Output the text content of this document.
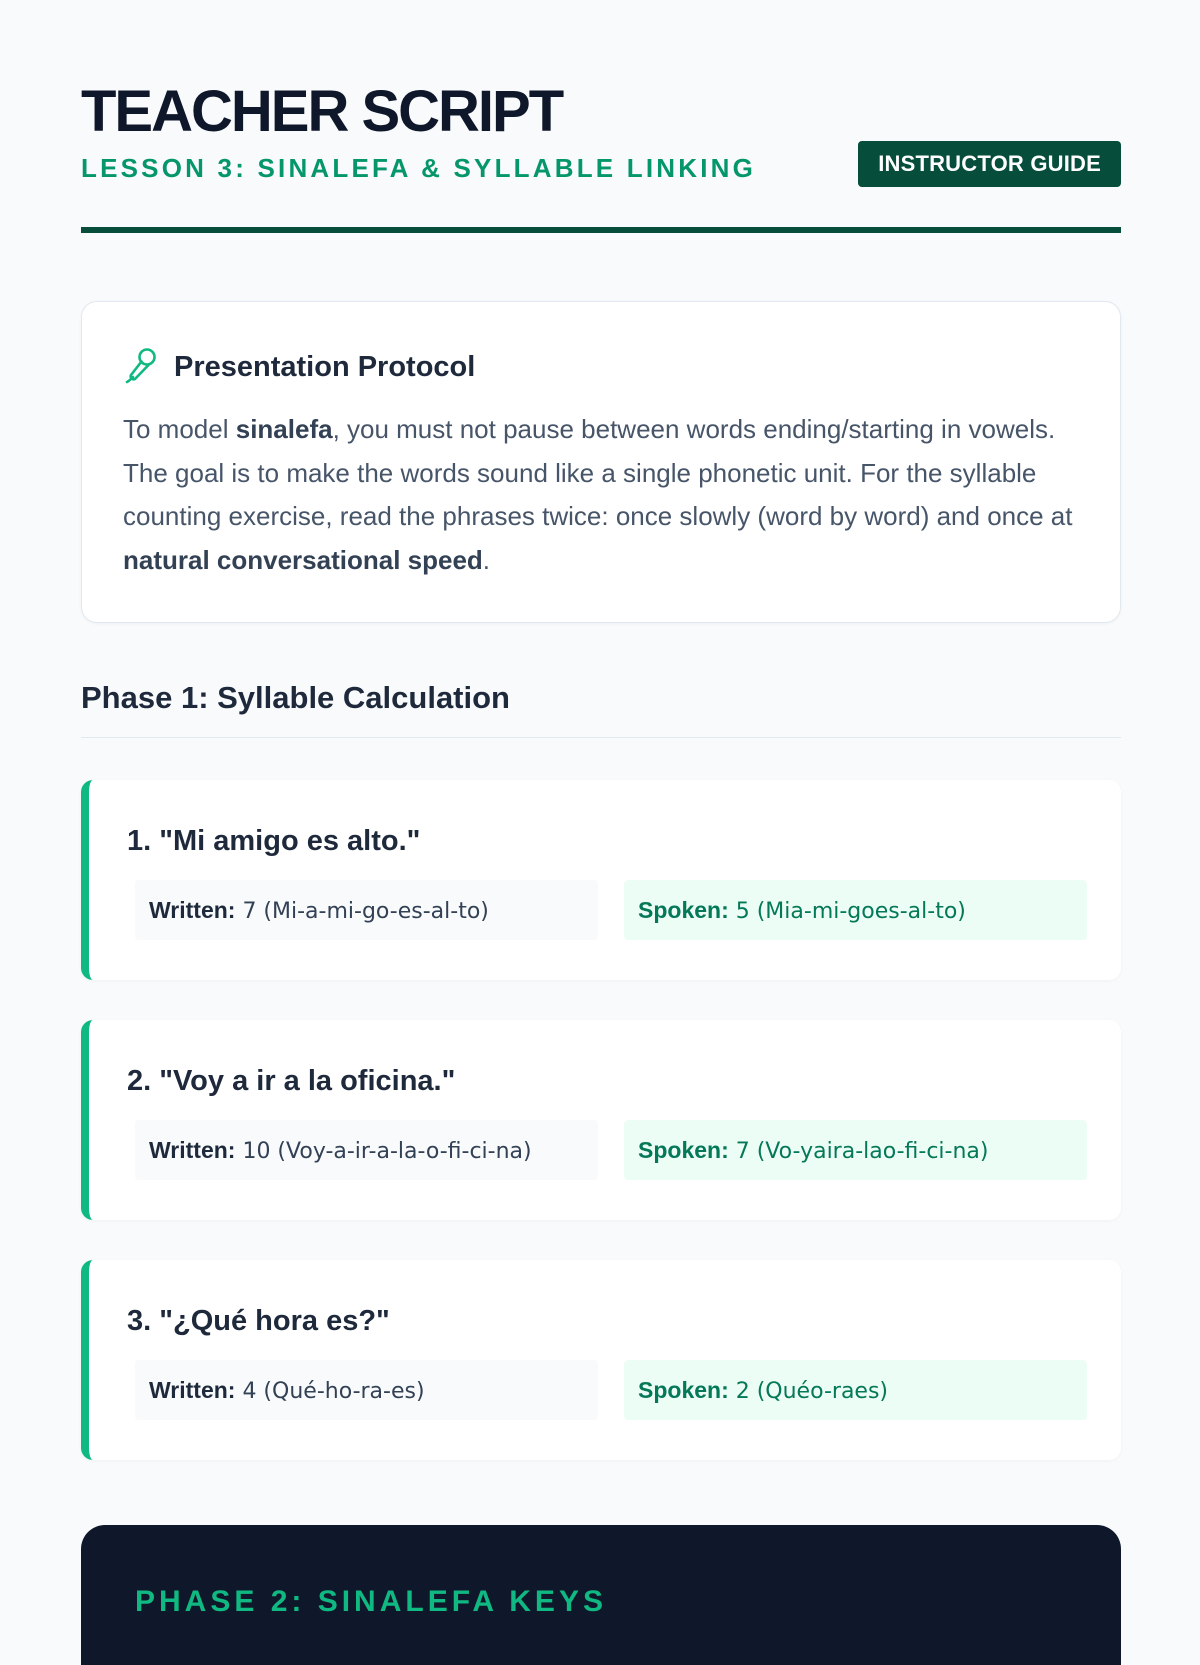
TEACHER SCRIPT
LESSON 3: SINALEFA & SYLLABLE LINKING	INSTRUCTOR GUIDE
Presentation Protocol

To model sinalefa, you must not pause between words ending/starting in vowels. The goal is to make the words sound like a single phonetic unit. For the syllable counting exercise, read the phrases twice: once slowly (word by word) and once at natural conversational speed.

Phase 1: Syllable Calculation
1. "Mi amigo es alto."
Written: 7 (Mi-a-mi-go-es-al-to)	Spoken: 5 (Mia-mi-goes-al-to)
2. "Voy a ir a la oficina."
Written: 10 (Voy-a-ir-a-la-o-fi-ci-na)	Spoken: 7 (Vo-yaira-lao-fi-ci-na)
3. "¿Qué hora es?"
Written: 4 (Qué-ho-ra-es)	Spoken: 2 (Quéo-raes)
PHASE 2: SINALEFA KEYS
